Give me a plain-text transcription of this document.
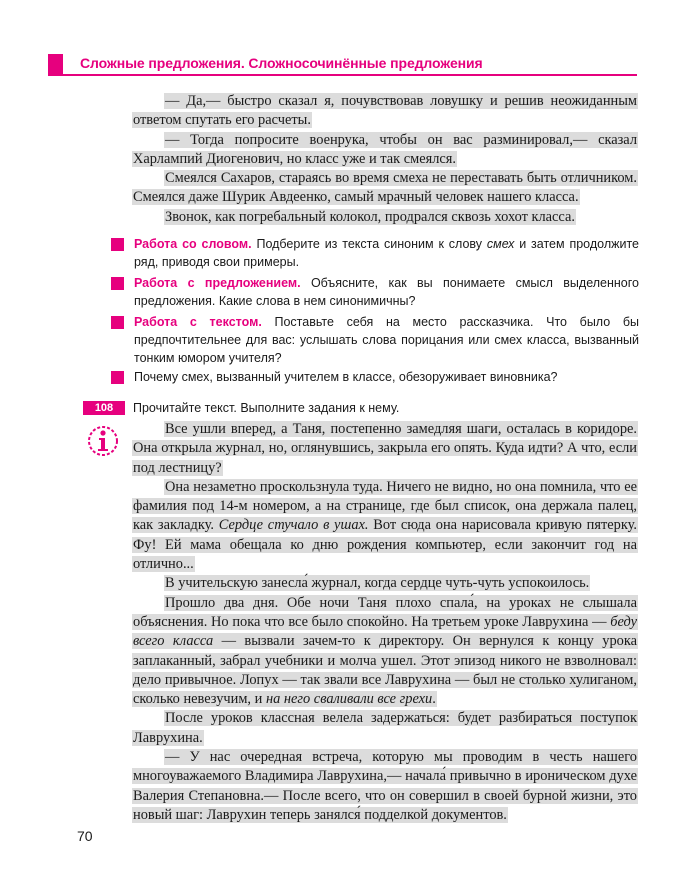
Сложные предложения. Сложносочинённые предложения

— Да,— быстро сказал я, почувствовав ловушку и решив неожиданным ответом спутать его расчеты.

— Тогда попросите военрука, чтобы он вас разминировал,— сказал Харлампий Диогенович, но класс уже и так смеялся.

Смеялся Сахаров, стараясь во время смеха не переставать быть отличником. Смеялся даже Шурик Авдеенко, самый мрачный человек нашего класса.

Звонок, как погребальный колокол, продрался сквозь хохот класса.

Работа со словом. Подберите из текста синоним к слову смех и затем продолжите ряд, приводя свои примеры.
Работа с предложением. Объясните, как вы понимаете смысл выделенного предложения. Какие слова в нем синонимичны?
Работа с текстом. Поставьте себя на место рассказчика. Что было бы предпочтительнее для вас: услышать слова порицания или смех класса, вызванный тонким юмором учителя?
Почему смех, вызванный учителем в классе, обезоруживает виновника?
108	Прочитайте текст. Выполните задания к нему.

Все ушли вперед, а Таня, постепенно замедляя шаги, осталась в коридоре. Она открыла журнал, но, оглянувшись, закрыла его опять. Куда идти? А что, если под лестницу?

Она незаметно проскользнула туда. Ничего не видно, но она помнила, что ее фамилия под 14-м номером, а на странице, где был список, она держала палец, как закладку. Сердце стучало в ушах. Вот сюда она нарисовала кривую пятерку. Фу! Ей мама обещала ко дню рождения компьютер, если закончит год на отлично...

В учительскую занесла́ журнал, когда сердце чуть-чуть успокоилось.

Прошло два дня. Обе ночи Таня плохо спала́, на уроках не слышала объяснения. Но пока что все было спокойно. На третьем уроке Лаврухина — беду всего класса — вызвали зачем-то к директору. Он вернулся к концу урока заплаканный, забрал учебники и молча ушел. Этот эпизод никого не взволновал: дело привычное. Лопух — так звали все Лаврухина — был не столько хулиганом, сколько невезучим, и на него сваливали все грехи.

После уроков классная велела задержаться: будет разбираться поступок Лаврухина.

— У нас очередная встреча, которую мы проводим в честь нашего многоуважаемого Владимира Лаврухина,— начала́ привычно в ироническом духе Валерия Степановна.— После всего, что он совершил в своей бурной жизни, это новый шаг: Лаврухин теперь занялся́ подделкой документов.

70
